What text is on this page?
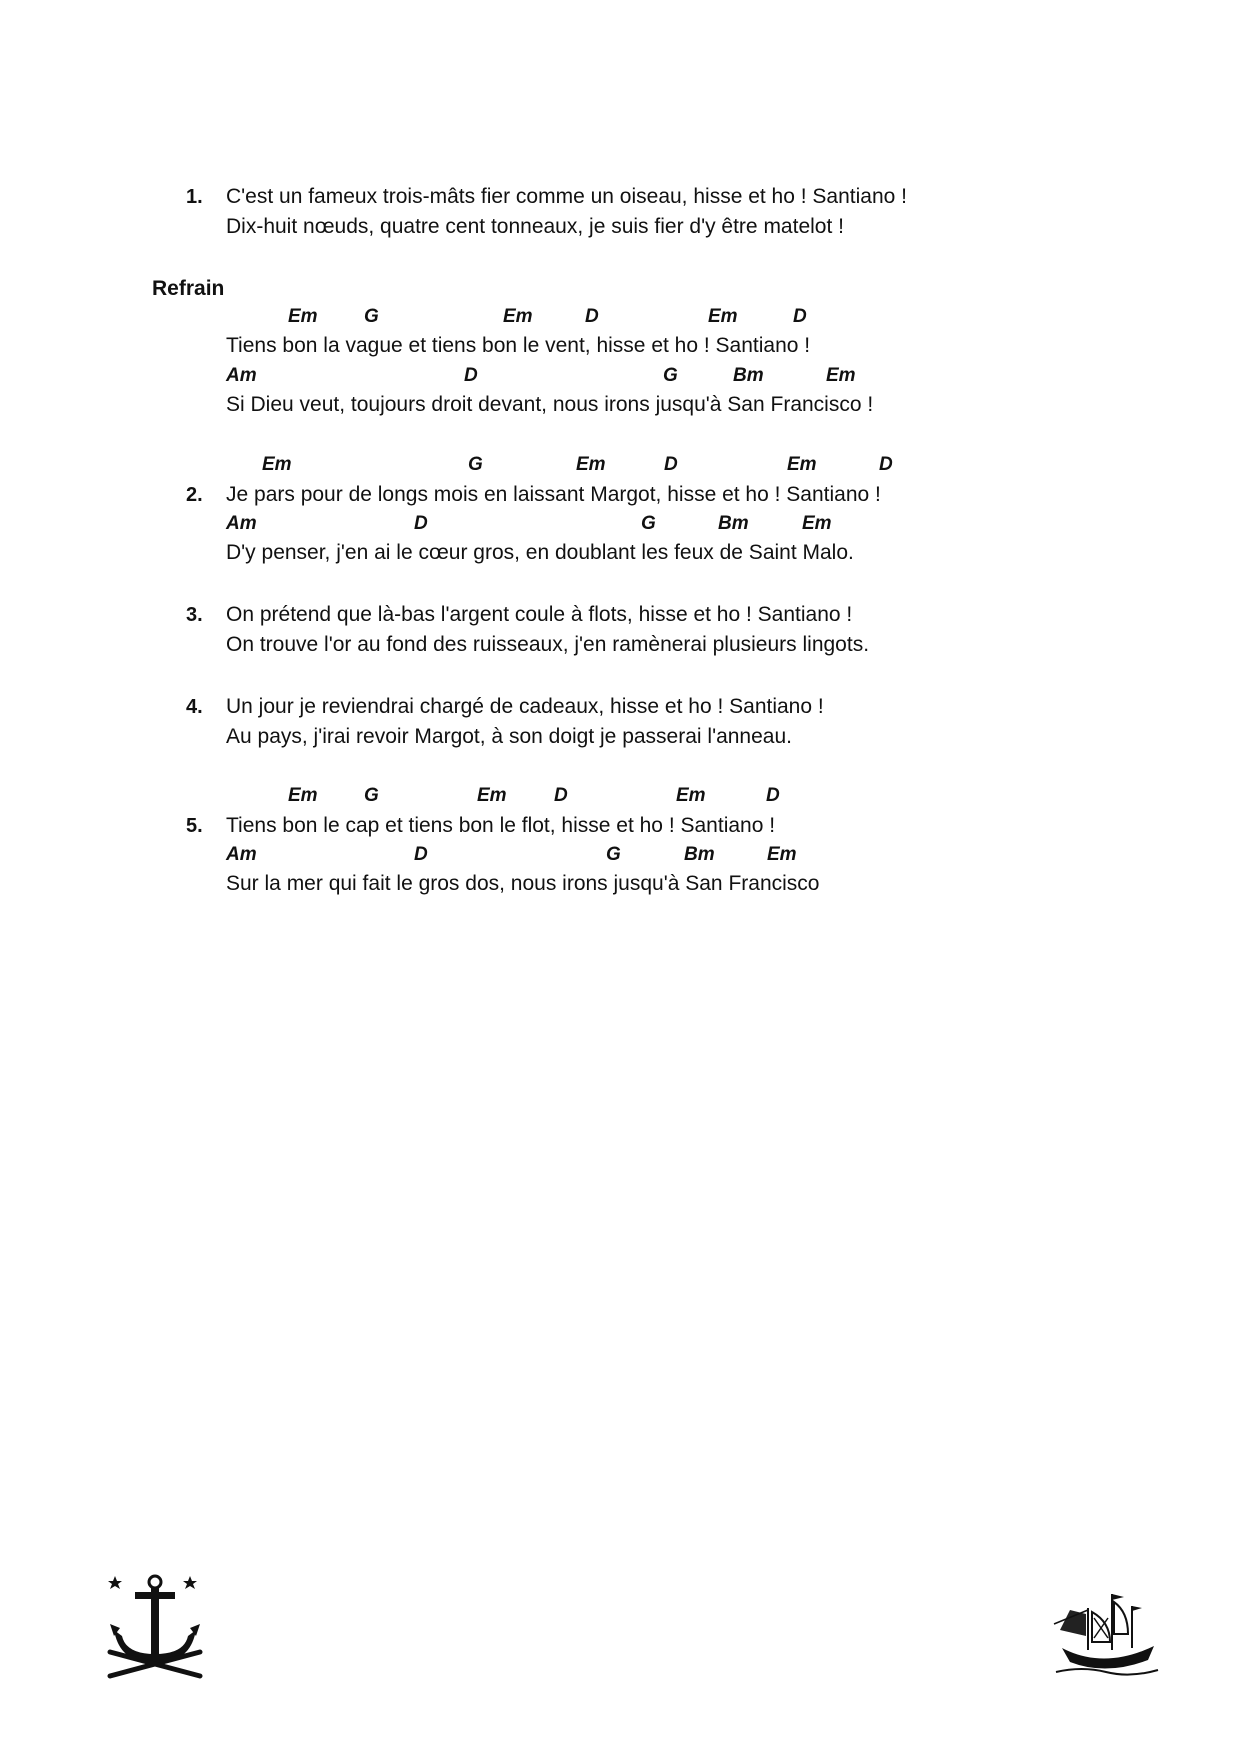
1. C'est un fameux trois-mâts fier comme un oiseau, hisse et ho ! Santiano !
Dix-huit nœuds, quatre cent tonneaux, je suis fier d'y être matelot !
Refrain
Em G	Em	D	Em	D
Tiens bon la vague et tiens bon le vent, hisse et ho ! Santiano !
Am	D	G	Bm	Em
Si Dieu veut, toujours droit devant, nous irons jusqu'à San Francisco !
Em	G	Em	D	Em	D
2. Je pars pour de longs mois en laissant Margot, hisse et ho ! Santiano !
Am	D	G	Bm	Em
D'y penser, j'en ai le cœur gros, en doublant les feux de Saint Malo.
3. On prétend que là-bas l'argent coule à flots, hisse et ho ! Santiano !
On trouve l'or au fond des ruisseaux, j'en ramènerai plusieurs lingots.
4. Un jour je reviendrai chargé de cadeaux, hisse et ho ! Santiano !
Au pays, j'irai revoir Margot, à son doigt je passerai l'anneau.
Em G	Em D	Em	D
5. Tiens bon le cap et tiens bon le flot, hisse et ho ! Santiano !
Am	D	G	Bm	Em
Sur la mer qui fait le gros dos, nous irons jusqu'à San Francisco
